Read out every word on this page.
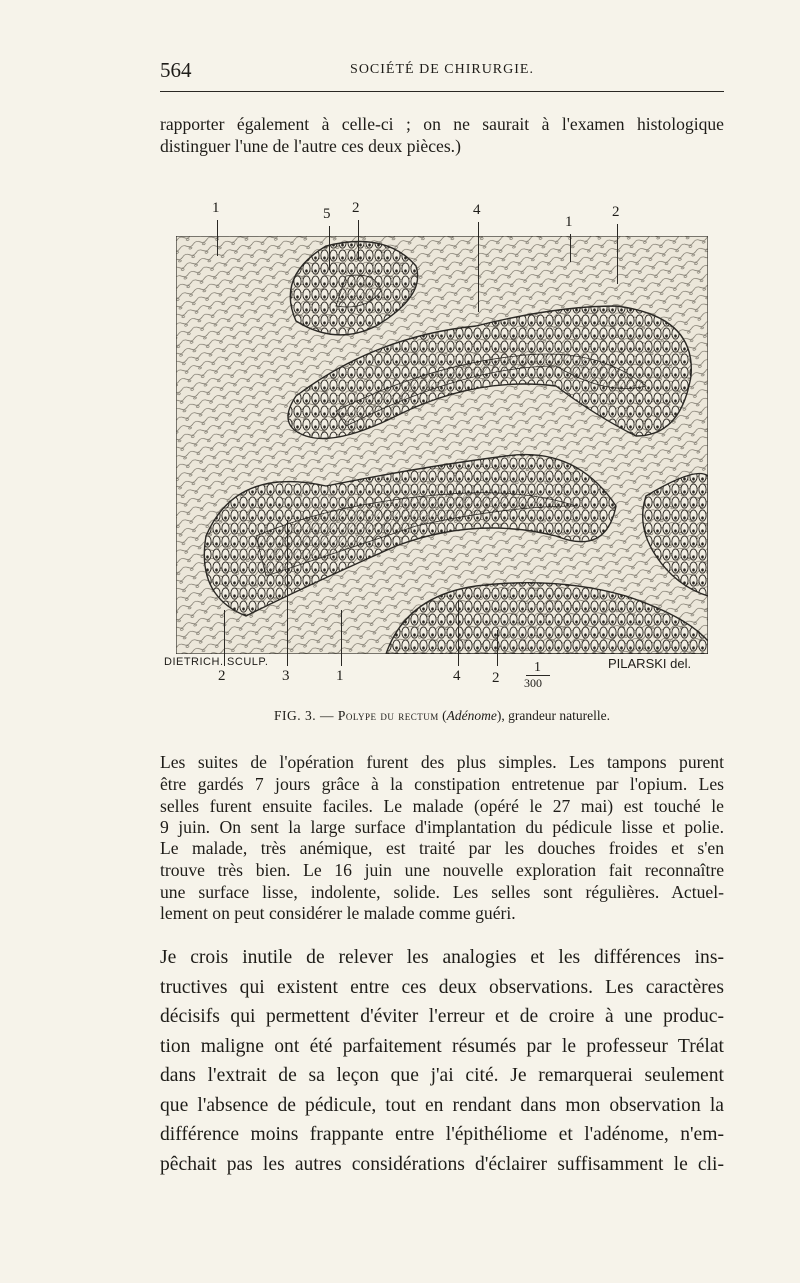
564	SOCIÉTÉ DE CHIRURGIE.

rapporter également à celle-ci ; on ne saurait à l'examen histologique
distinguer l'une de l'autre ces deux pièces.)

1	5 2	4
1
2
DIETRICH. SCULP.	PILARSKI del.
2	3	1	4 2
1
300
FIG. 3. — Polype du rectum (Adénome), grandeur naturelle.

Les suites de l'opération furent des plus simples. Les tampons purent
être gardés 7 jours grâce à la constipation entretenue par l'opium. Les
selles furent ensuite faciles. Le malade (opéré le 27 mai) est touché le
9 juin. On sent la large surface d'implantation du pédicule lisse et polie.

Le malade, très anémique, est traité par les douches froides et s'en
trouve très bien. Le 16 juin une nouvelle exploration fait reconnaître
une surface lisse, indolente, solide. Les selles sont régulières. Actuel-
lement on peut considérer le malade comme guéri.

Je crois inutile de relever les analogies et les différences ins-
tructives qui existent entre ces deux observations. Les caractères
décisifs qui permettent d'éviter l'erreur et de croire à une produc-
tion maligne ont été parfaitement résumés par le professeur Trélat
dans l'extrait de sa leçon que j'ai cité. Je remarquerai seulement
que l'absence de pédicule, tout en rendant dans mon observation la
différence moins frappante entre l'épithéliome et l'adénome, n'em-
pêchait pas les autres considérations d'éclairer suffisamment le cli-
